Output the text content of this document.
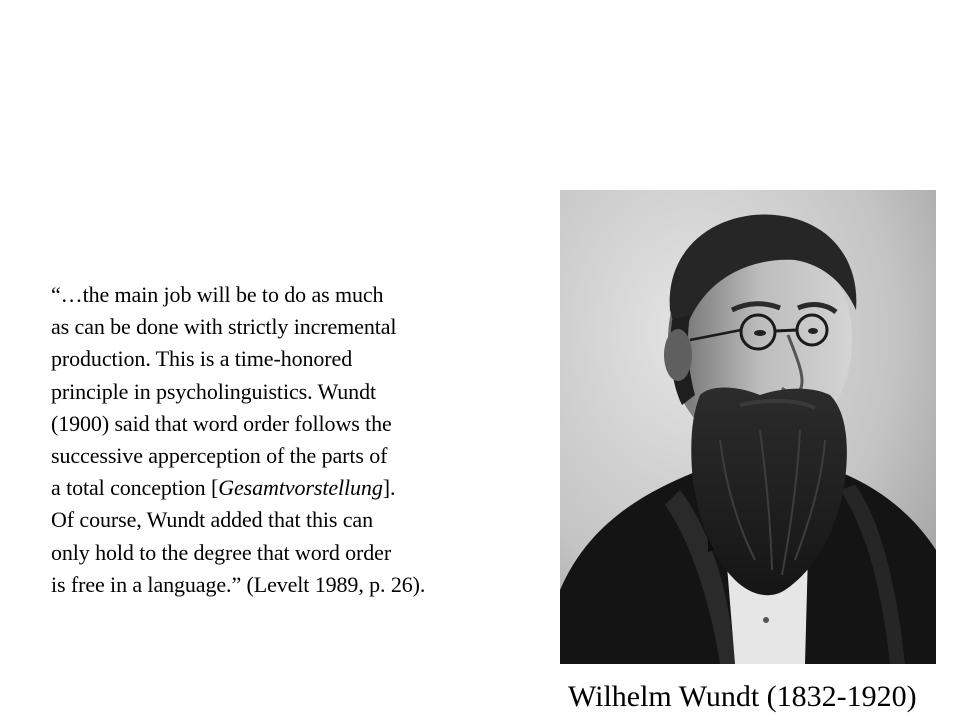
“…the main job will be to do as much
as can be done with strictly incremental
production. This is a time-honored
principle in psycholinguistics. Wundt
(1900) said that word order follows the
successive apperception of the parts of
a total conception [Gesamtvorstellung].
Of course, Wundt added that this can
only hold to the degree that word order
is free in a language.” (Levelt 1989, p. 26).
Wilhelm Wundt (1832-1920)
